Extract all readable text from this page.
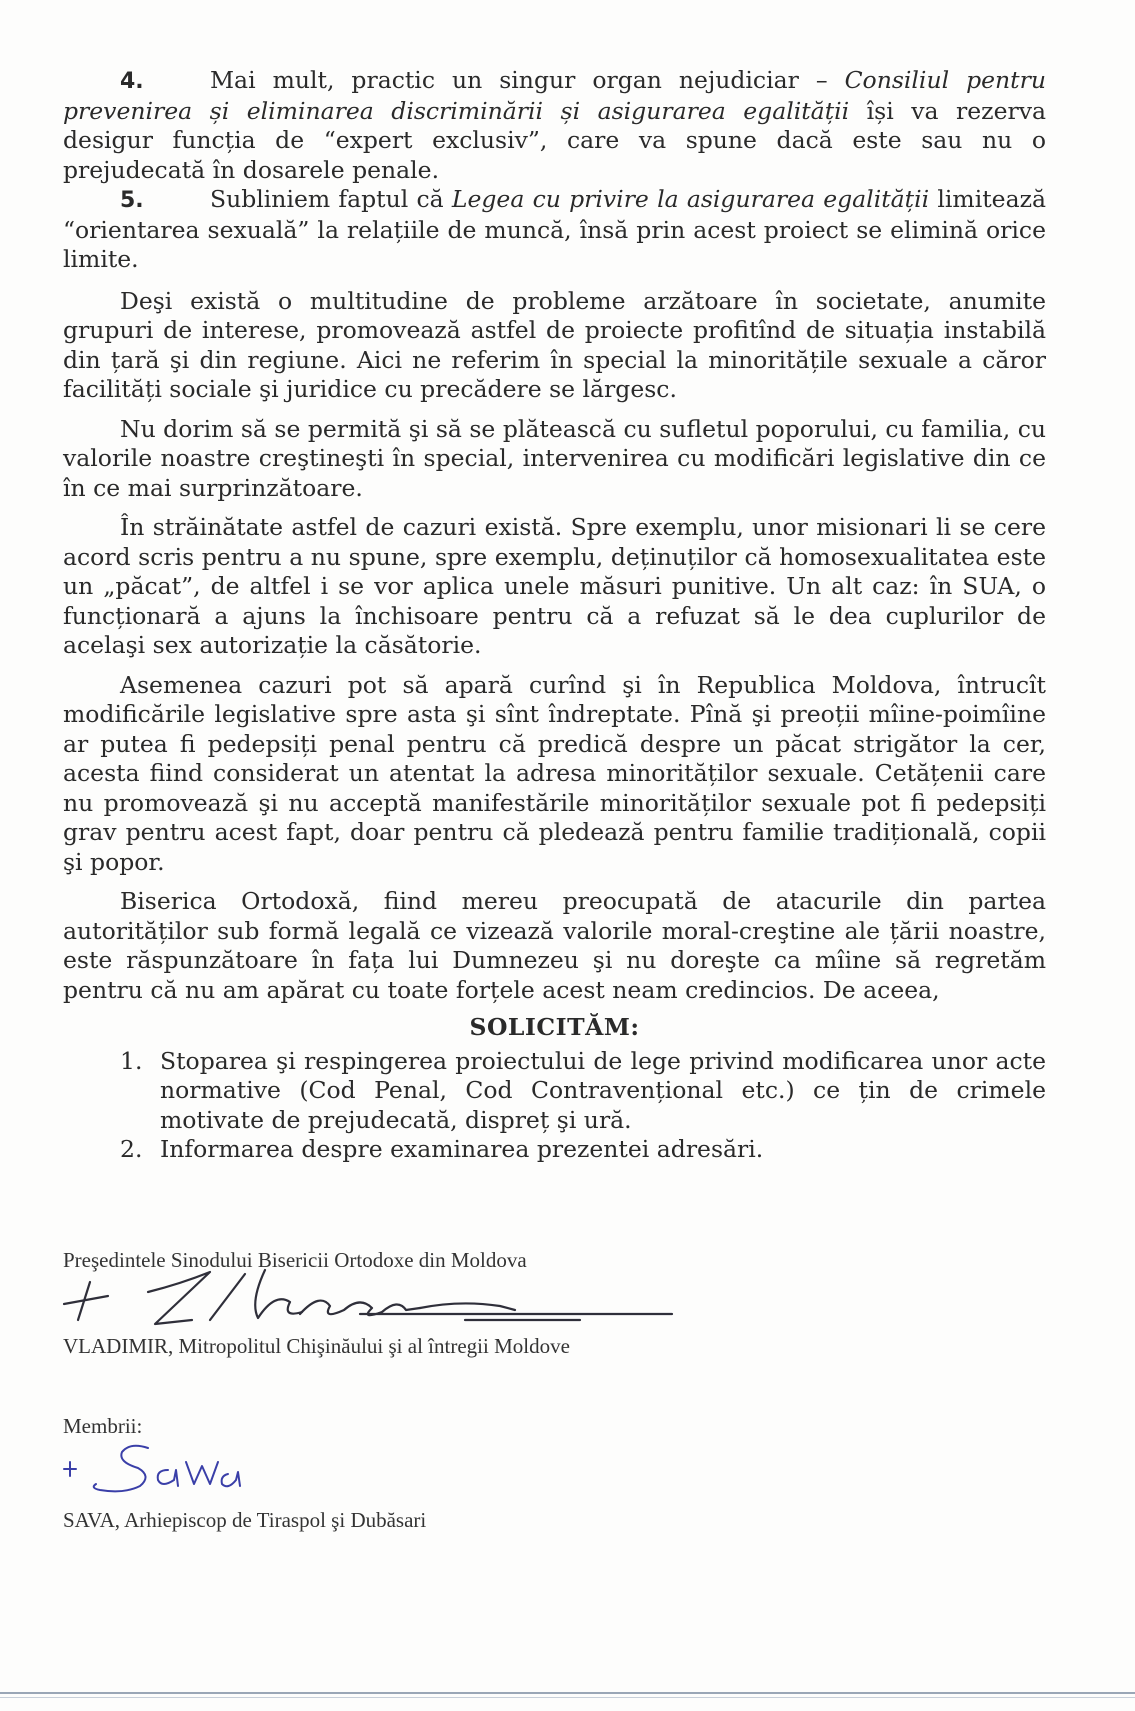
4.	Mai mult, practic un singur organ nejudiciar – Consiliul pentru prevenirea și eliminarea discriminării și asigurarea egalității își va rezerva desigur funcția de “expert exclusiv”, care va spune dacă este sau nu o prejudecată în dosarele penale.

5.	Subliniem faptul că Legea cu privire la asigurarea egalității limitează “orientarea sexuală” la relațiile de muncă, însă prin acest proiect se elimină orice limite.

Deşi există o multitudine de probleme arzătoare în societate, anumite grupuri de interese, promovează astfel de proiecte profitînd de situația instabilă din țară şi din regiune. Aici ne referim în special la minoritățile sexuale a căror facilități sociale şi juridice cu precădere se lărgesc.

Nu dorim să se permită şi să se plătească cu sufletul poporului, cu familia, cu valorile noastre creştineşti în special, intervenirea cu modificări legislative din ce în ce mai surprinzătoare.

În străinătate astfel de cazuri există. Spre exemplu, unor misionari li se cere acord scris pentru a nu spune, spre exemplu, deținuților că homosexualitatea este un „păcat”, de altfel i se vor aplica unele măsuri punitive. Un alt caz: în SUA, o funcționară a ajuns la închisoare pentru că a refuzat să le dea cuplurilor de acelaşi sex autorizație la căsătorie.

Asemenea cazuri pot să apară curînd şi în Republica Moldova, întrucît modificările legislative spre asta şi sînt îndreptate. Pînă şi preoții mîine-poimîine ar putea fi pedepsiți penal pentru că predică despre un păcat strigător la cer, acesta fiind considerat un atentat la adresa minorităților sexuale. Cetățenii care nu promovează şi nu acceptă manifestările minorităților sexuale pot fi pedepsiți grav pentru acest fapt, doar pentru că pledează pentru familie tradițională, copii şi popor.

Biserica Ortodoxă, fiind mereu preocupată de atacurile din partea autorităților sub formă legală ce vizează valorile moral-creştine ale țării noastre, este răspunzătoare în fața lui Dumnezeu şi nu doreşte ca mîine să regretăm pentru că nu am apărat cu toate forțele acest neam credincios. De aceea,

SOLICITĂM:

1. Stoparea şi respingerea proiectului de lege privind modificarea unor acte normative (Cod Penal, Cod Contravențional etc.) ce țin de crimele motivate de prejudecată, dispreț şi ură.
2. Informarea despre examinarea prezentei adresări.
Preşedintele Sinodului Bisericii Ortodoxe din Moldova
VLADIMIR, Mitropolitul Chişinăului şi al întregii Moldove
Membrii:
SAVA, Arhiepiscop de Tiraspol şi Dubăsari
